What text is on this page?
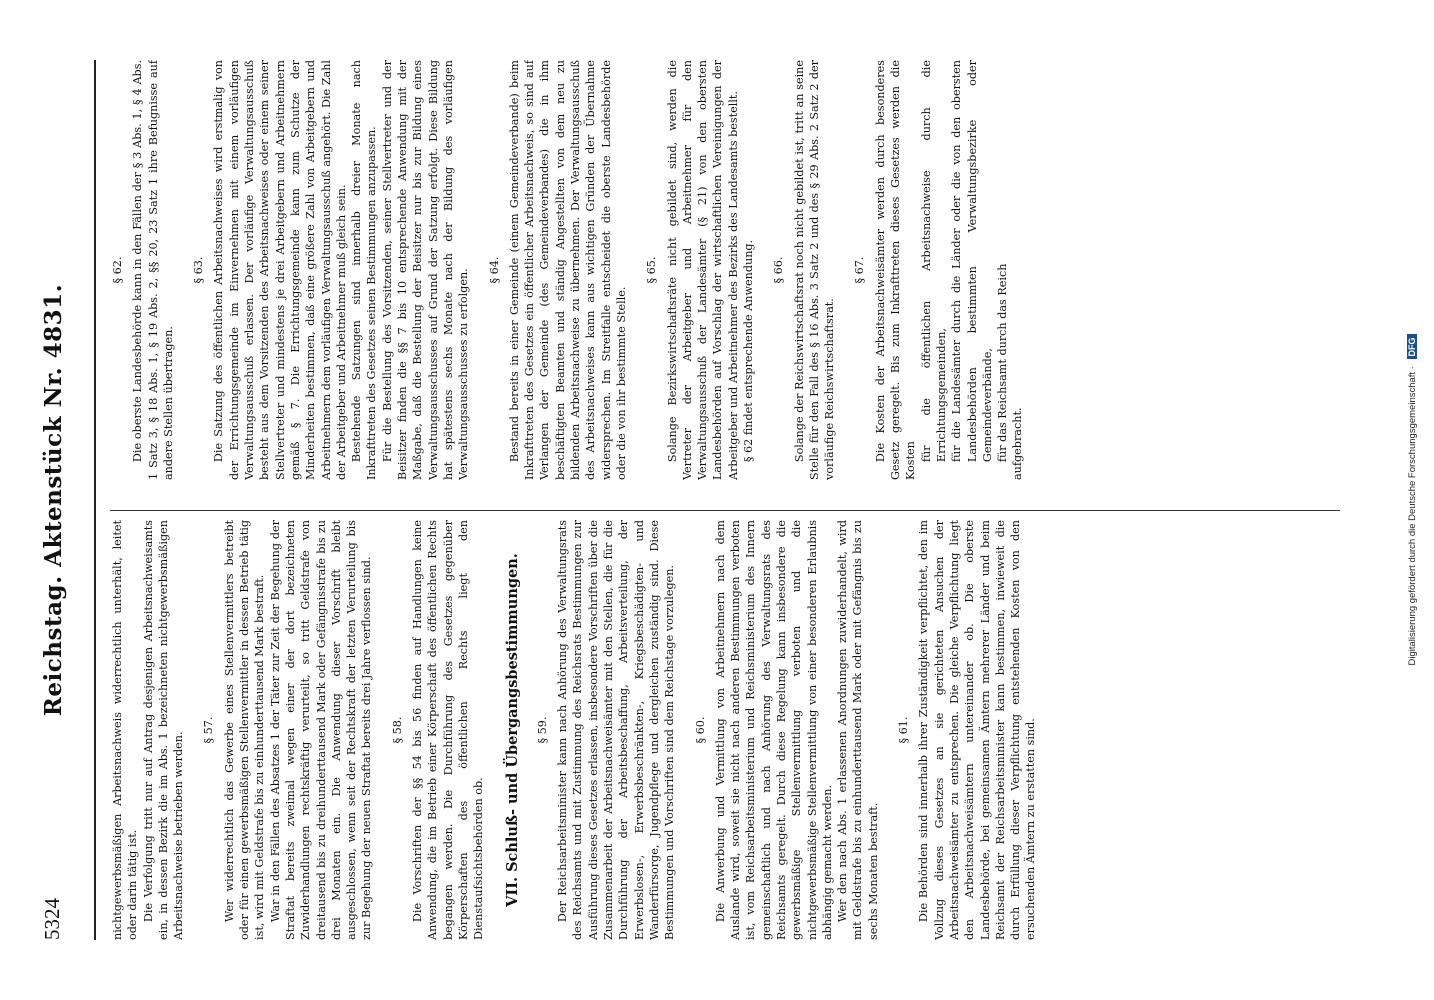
5324
Reichstag. Aktenstück Nr. 4831.

nichtgewerbsmäßigen Arbeitsnachweis widerrechtlich unterhält, leitet oder darin tätig ist. Die Verfolgung tritt nur auf Antrag desjenigen Arbeitsnachweisamts ein, in dessen Bezirk die im Abs. 1 bezeichneten nichtgewerbsmäßigen Arbeitsnachweise betrieben werden.

§ 57. Wer widerrechtlich das Gewerbe eines Stellenvermittlers betreibt oder für einen gewerbsmäßigen Stellenvermittler in dessen Betrieb tätig ist, wird mit Geldstrafe bis zu einhunderttausend Mark bestraft. War in den Fällen des Absatzes 1 der Täter zur Zeit der Begehung der Straftat bereits zweimal wegen einer der dort bezeichneten Zuwiderhandlungen rechtskräftig verurteilt, so tritt Geldstrafe von dreitausend bis zu dreihunderttausend Mark oder Gefängnisstrafe bis zu drei Monaten ein. Die Anwendung dieser Vorschrift bleibt ausgeschlossen, wenn seit der Rechtskraft der letzten Verurteilung bis zur Begehung der neuen Straftat bereits drei Jahre verflossen sind. § 58. Die Vorschriften der §§ 54 bis 56 finden auf Handlungen keine Anwendung, die im Betrieb einer Körperschaft des öffentlichen Rechts begangen werden. Die Durchführung des Gesetzes gegenüber Körperschaften des öffentlichen Rechts liegt den Dienstaufsichtsbehörden ob. VII. Schluß- und Übergangsbestimmungen. § 59. Der Reichsarbeitsminister kann nach Anhörung des Verwaltungsrats des Reichsamts und mit Zustimmung des Reichsrats Bestimmungen zur Ausführung dieses Gesetzes erlassen, insbesondere Vorschriften über die Zusammenarbeit der Arbeitsnachweisämter mit den Stellen, die für die Durchführung der Arbeitsbeschaffung, Arbeitsverteilung, der Erwerbslosen-, Erwerbsbeschränkten-, Kriegsbeschädigten- und Wanderfürsorge, Jugendpflege und dergleichen zuständig sind. Diese Bestimmungen und Vorschriften sind dem Reichstage vorzulegen. § 60. Die Anwerbung und Vermittlung von Arbeitnehmern nach dem Auslande wird, soweit sie nicht nach anderen Bestimmungen verboten ist, vom Reichsarbeitsministerium und Reichsministerium des Innern gemeinschaftlich und nach Anhörung des Verwaltungsrats des Reichsamts geregelt. Durch diese Regelung kann insbesondere die gewerbsmäßige Stellenvermittlung verboten und die nichtgewerbsmäßige Stellenvermittlung von einer besonderen Erlaubnis abhängig gemacht werden. Wer den nach Abs. 1 erlassenen Anordnungen zuwiderhandelt, wird mit Geldstrafe bis zu einhunderttausend Mark oder mit Gefängnis bis zu sechs Monaten bestraft.

§ 61. Die Behörden sind innerhalb ihrer Zuständigkeit verpflichtet, den im Vollzug dieses Gesetzes an sie gerichteten Ansuchen der Arbeitsnachweisämter zu entsprechen. Die gleiche Verpflichtung liegt den Arbeitsnachweisämtern untereinander ob. Die oberste Landesbehörde, bei gemeinsamen Ämtern mehrerer Länder und beim Reichsamt der Reichsarbeitsminister kann bestimmen, inwieweit die durch Erfüllung dieser Verpflichtung entstehenden Kosten von den ersuchenden Ämtern zu erstatten sind.

§ 62. Die oberste Landesbehörde kann in den Fällen der § 3 Abs. 1, § 4 Abs. 1 Satz 3, § 18 Abs. 1, § 19 Abs. 2, §§ 20, 23 Satz 1 ihre Befugnisse auf andere Stellen übertragen.

§ 63. Die Satzung des öffentlichen Arbeitsnachweises wird erstmalig von der Errichtungsgemeinde im Einvernehmen mit einem vorläufigen Verwaltungsausschuß erlassen. Der vorläufige Verwaltungsausschuß besteht aus dem Vorsitzenden des Arbeitsnachweises oder einem seiner Stellvertreter und mindestens je drei Arbeitgebern und Arbeitnehmern gemäß § 7. Die Errichtungsgemeinde kann zum Schutze der Minderheiten bestimmen, daß eine größere Zahl von Arbeitgebern und Arbeitnehmern dem vorläufigen Verwaltungsausschuß angehört. Die Zahl der Arbeitgeber und Arbeitnehmer muß gleich sein. Bestehende Satzungen sind innerhalb dreier Monate nach Inkrafttreten des Gesetzes seinen Bestimmungen anzupassen. Für die Bestellung des Vorsitzenden, seiner Stellvertreter und der Beisitzer finden die §§ 7 bis 10 entsprechende Anwendung mit der Maßgabe, daß die Bestellung der Beisitzer nur bis zur Bildung eines Verwaltungsausschusses auf Grund der Satzung erfolgt. Diese Bildung hat spätestens sechs Monate nach der Bildung des vorläufigen Verwaltungsausschusses zu erfolgen. § 64. Bestand bereits in einer Gemeinde (einem Gemeindeverbande) beim Inkrafttreten des Gesetzes ein öffentlicher Arbeitsnachweis, so sind auf Verlangen der Gemeinde (des Gemeindeverbandes) die in ihm beschäftigten Beamten und ständig Angestellten von dem neu zu bildenden Arbeitsnachweise zu übernehmen. Der Verwaltungsausschuß des Arbeitsnachweises kann aus wichtigen Gründen der Übernahme widersprechen. Im Streitfalle entscheidet die oberste Landesbehörde oder die von ihr bestimmte Stelle.

§ 65. Solange Bezirkswirtschaftsräte nicht gebildet sind, werden die Vertreter der Arbeitgeber und Arbeitnehmer für den Verwaltungsausschuß der Landesämter (§ 21) von den obersten Landesbehörden auf Vorschlag der wirtschaftlichen Vereinigungen der Arbeitgeber und Arbeitnehmer des Bezirks des Landesamts bestellt. § 62 findet entsprechende Anwendung. § 66. Solange der Reichswirtschaftsrat noch nicht gebildet ist, tritt an seine Stelle für den Fall des § 16 Abs. 3 Satz 2 und des § 29 Abs. 2 Satz 2 der vorläufige Reichswirtschaftsrat.

§ 67. Die Kosten der Arbeitsnachweisämter werden durch besonderes Gesetz geregelt. Bis zum Inkrafttreten dieses Gesetzes werden die Kosten für die öffentlichen Arbeitsnachweise durch die Errichtungsgemeinden, für die Landesämter durch die Länder oder die von den obersten Landesbehörden bestimmten Verwaltungsbezirke oder Gemeindeverbände, für das Reichsamt durch das Reich aufgebracht.	Digitalisierung gefördert durch die Deutsche Forschungsgemeinschaft · DFG
